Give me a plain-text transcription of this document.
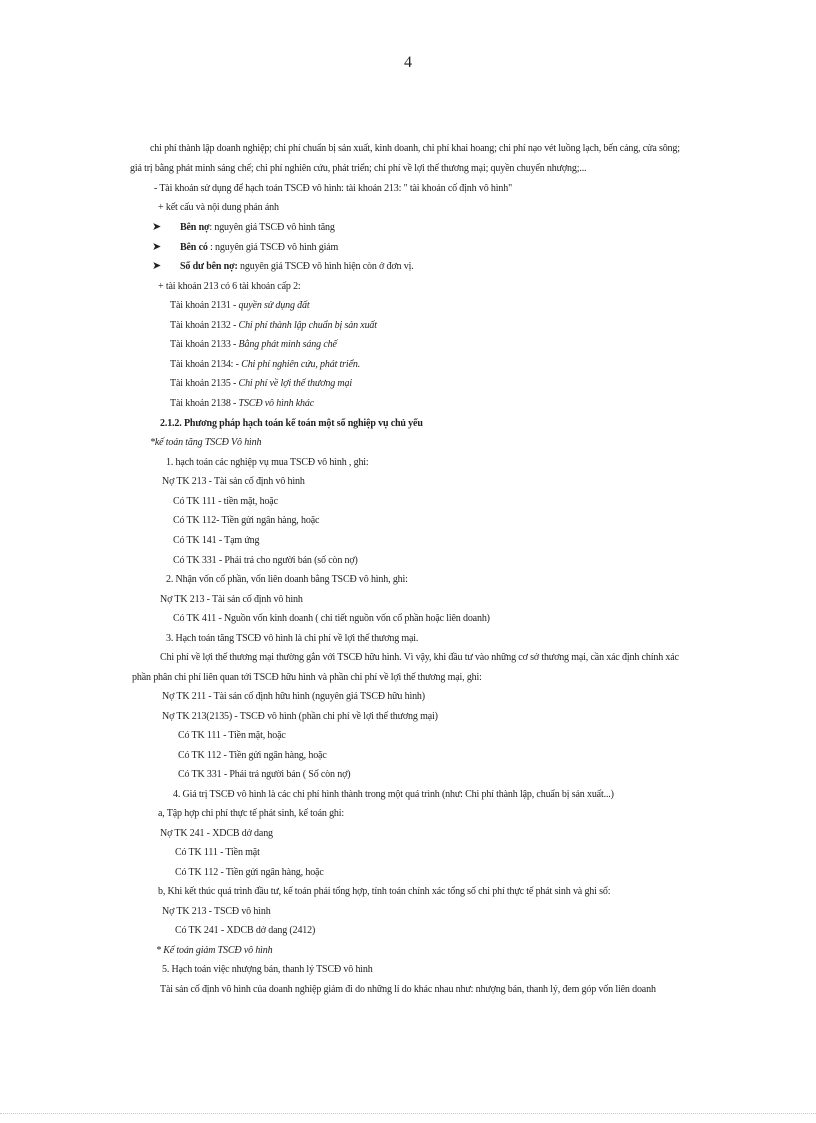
4
chi phí thành lập doanh nghiệp; chi phí chuẩn bị sản xuất, kinh doanh, chi phí khai hoang; chi phí nạo vét luồng lạch, bến cảng, cửa sông;
giá trị bằng phát minh sáng chế; chi phí nghiên cứu, phát triển; chi phí về lợi thế thương mại; quyền chuyển nhượng;...
- Tài khoản sử dụng để hạch toán TSCĐ vô hình: tài khoản 213: " tài khoản cố định vô hình"
+ kết cấu và nội dung phản ánh
➤ Bên nợ: nguyên giá TSCĐ vô hình tăng
➤ Bên có : nguyên giá TSCĐ vô hình giảm
➤ Số dư bên nợ: nguyên giá TSCĐ vô hình hiện còn ở đơn vị.
+ tài khoản 213 có 6 tài khoản cấp 2:
Tài khoản 2131 - quyền sử dụng đất
Tài khoản 2132 - Chi phí thành lập chuẩn bị sản xuất
Tài khoản 2133 - Bằng phát minh sáng chế
Tài khoản 2134: - Chi phí nghiên cứu, phát triển.
Tài khoản 2135 - Chi phí về lợi thế thương mại
Tài khoản 2138 - TSCĐ vô hình khác
2.1.2. Phương pháp hạch toán kế toán một số nghiệp vụ chủ yếu
*kế toán tăng TSCĐ Vô hình
1. hạch toán các nghiệp vụ mua TSCĐ vô hình , ghi:
Nợ TK 213 - Tài sản cố định vô hình
Có TK 111 - tiền mặt, hoặc
Có TK 112- Tiền gửi ngân hàng, hoặc
Có TK 141 - Tạm ứng
Có TK 331 - Phải trả cho người bán (số còn nợ)
2. Nhận vốn cổ phần, vốn liên doanh bằng TSCĐ vô hình, ghi:
Nợ TK 213 - Tài sản cố định vô hình
Có TK 411 - Nguồn vốn kinh doanh ( chi tiết nguồn vốn cổ phần hoặc liên doanh)
3. Hạch toán tăng TSCĐ vô hình là chi phí về lợi thế thương mại.
Chi phí về lợi thế thương mại thường gắn với TSCĐ hữu hình. Vì vậy, khi đầu tư vào những cơ sở thương mại, cần xác định chính xác
phần phân chi phí liên quan tới TSCĐ hữu hình và phần chi phí về lợi thế thương mại, ghi:
Nợ TK 211 - Tài sản cố định hữu hình (nguyên giá TSCĐ hữu hình)
Nợ TK 213(2135) - TSCĐ vô hình (phần chi phí về lợi thế thương mại)
Có TK 111 - Tiền mặt, hoặc
Có TK 112 - Tiền gửi ngân hàng, hoặc
Có TK 331 - Phải trả người bán ( Số còn nợ)
4. Giá trị TSCĐ vô hình là các chi phí hình thành trong một quá trình (như: Chi phí thành lập, chuẩn bị sản xuất...)
a, Tập hợp chi phí thực tế phát sinh, kế toán ghi:
Nợ TK 241 - XDCB dở dang
Có TK 111 - Tiền mặt
Có TK 112 - Tiền gửi ngân hàng, hoặc
b, Khi kết thúc quá trình đầu tư, kế toán phải tổng hợp, tính toán chính xác tổng số chi phí thực tế phát sinh và ghi sổ:
Nợ TK 213 - TSCĐ vô hình
Có TK 241 - XDCB dở dang (2412)
* Kế toán giảm TSCĐ vô hình
5. Hạch toán việc nhượng bán, thanh lý TSCĐ vô hình
Tài sản cố định vô hình của doanh nghiệp giảm đi do những lí do khác nhau như: nhượng bán, thanh lý, đem góp vốn liên doanh
